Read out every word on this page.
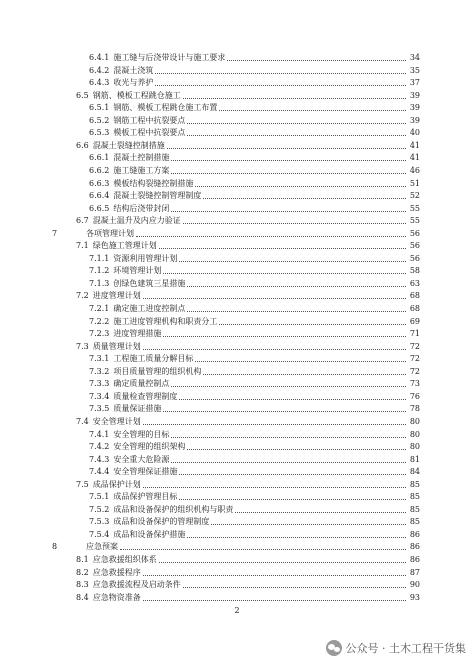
6.4.1 施工缝与后浇带设计与施工要求	34
6.4.2 混凝土浇筑	35
6.4.3 收光与养护	37
6.5 钢筋、模板工程跳仓施工	39
6.5.1 钢筋、模板工程跳仓施工布置	39
6.5.2 钢筋工程中抗裂要点	39
6.5.3 模板工程中抗裂要点	40
6.6 混凝土裂缝控制措施	41
6.6.1 混凝土控制措施	41
6.6.2 施工缝施工方案	46
6.6.3 模板结构裂缝控制措施	51
6.6.4 混凝土裂缝控制管理制度	52
6.6.5 结构后浇带封闭	55
6.7 混凝土温升及内应力验证	55
7	各项管理计划	56
7.1 绿色施工管理计划	56
7.1.1 资源利用管理计划	56
7.1.2 环境管理计划	58
7.1.3 创绿色建筑三星措施	63
7.2 进度管理计划	68
7.2.1 确定施工进度控制点	68
7.2.2 施工进度管理机构和职责分工	69
7.2.3 进度管理措施	71
7.3 质量管理计划	72
7.3.1 工程施工质量分解目标	72
7.3.2 项目质量管理的组织机构	72
7.3.3 确定质量控制点	73
7.3.4 质量检查管理制度	76
7.3.5 质量保证措施	78
7.4 安全管理计划	80
7.4.1 安全管理的目标	80
7.4.2 安全管理的组织架构	80
7.4.3 安全重大危险源	81
7.4.4 安全管理保证措施	84
7.5 成品保护计划	85
7.5.1 成品保护管理目标	85
7.5.2 成品和设备保护的组织机构与职责	85
7.5.3 成品和设备保护的管理制度	85
7.5.4 成品和设备保护措施	86
8	应急预案	86
8.1 应急救援组织体系	86
8.2 应急救援程序	87
8.3 应急救援流程及启动条件	90
8.4 应急物资准备	93
2
公众号 · 土木工程干货集
